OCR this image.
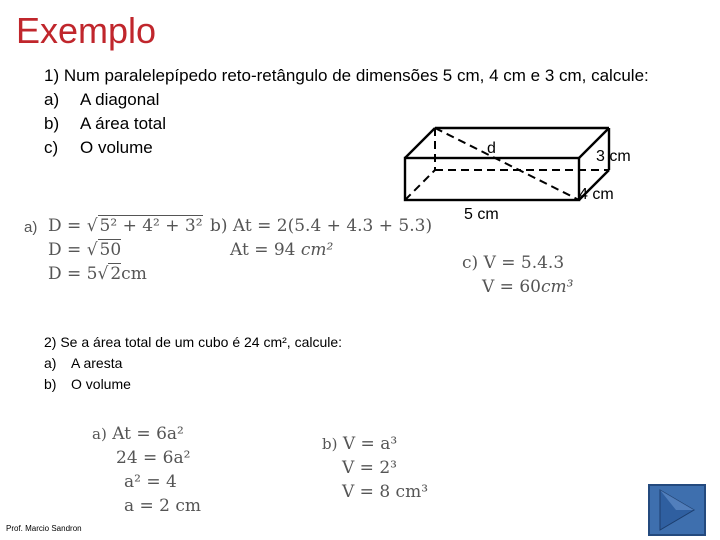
Exemplo
1) Num paralelepípedo reto-retângulo de dimensões 5 cm, 4 cm e 3 cm, calcule:
a) A diagonal
b) A área total
c) O volume	d	3 cm
4 cm
5 cm
a) D = √ 5² + 4² + 3²
D = √ 50
D = 5√ 2cm
b) At = 2(5.4 + 4.3 + 5.3)
At = 94 cm²
c) V = 5.4.3
V = 60cm³
2) Se a área total de um cubo é 24 cm², calcule:
a) A aresta
b) O volume
a) At = 6a²
24 = 6a²
a² = 4
a = 2 cm
b) V = a³
V = 2³
V = 8 cm³
Prof. Marcio Sandron
